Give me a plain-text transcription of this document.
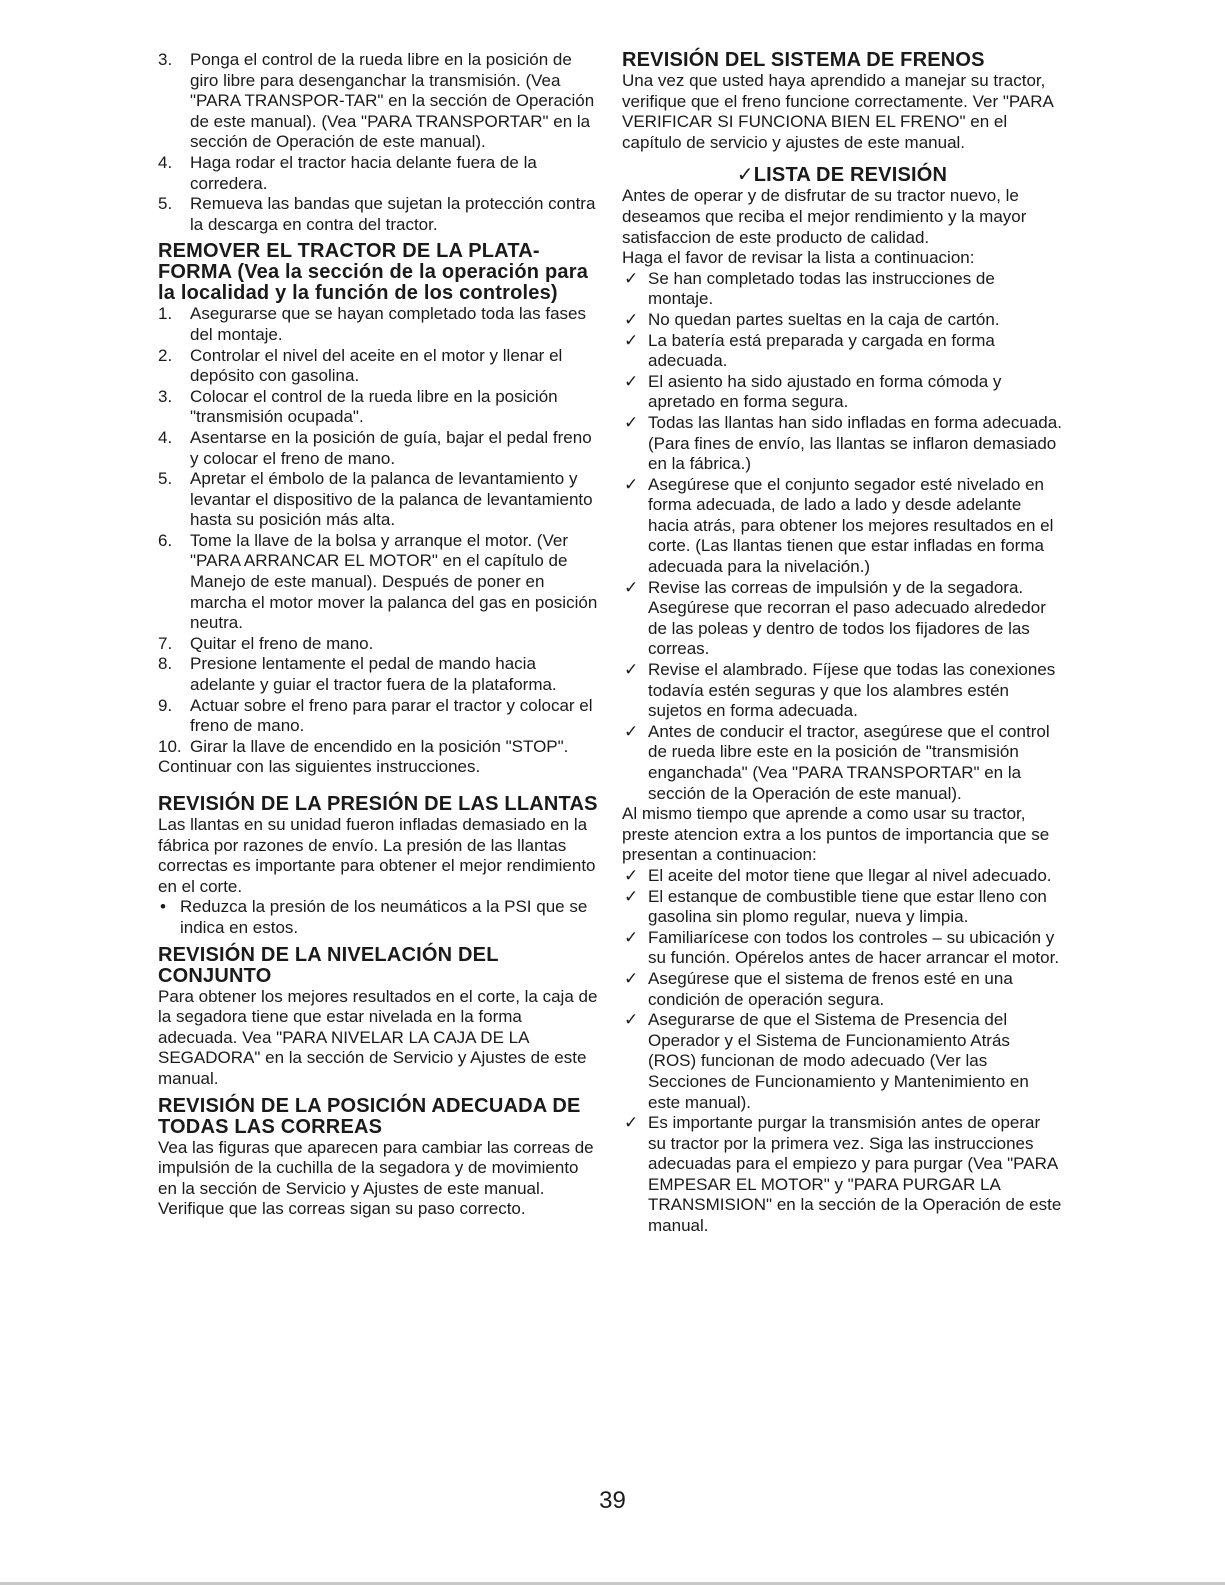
3. Ponga el control de la rueda libre en la posición de giro libre para desenganchar la transmisión. (Vea "PARA TRANSPOR-TAR" en la sección de Operación de este manual). (Vea "PARA TRANSPORTAR" en la sección de Operación de este manual).
4. Haga rodar el tractor hacia delante fuera de la corredera.
5. Remueva las bandas que sujetan la protección contra la descarga en contra del tractor.
REMOVER EL TRACTOR DE LA PLATA-FORMA (Vea la sección de la operación para la localidad y la función de los controles)
1. Asegurarse que se hayan completado toda las fases del montaje.
2. Controlar el nivel del aceite en el motor y llenar el depósito con gasolina.
3. Colocar el control de la rueda libre en la posición "transmisión ocupada".
4. Asentarse en la posición de guía, bajar el pedal freno y colocar el freno de mano.
5. Apretar el émbolo de la palanca de levantamiento y levantar el dispositivo de la palanca de levantamiento hasta su posición más alta.
6. Tome la llave de la bolsa y arranque el motor. (Ver "PARA ARRANCAR EL MOTOR" en el capítulo de Manejo de este manual). Después de poner en marcha el motor mover la palanca del gas en posición neutra.
7. Quitar el freno de mano.
8. Presione lentamente el pedal de mando hacia adelante y guiar el tractor fuera de la plataforma.
9. Actuar sobre el freno para parar el tractor y colocar el freno de mano.
10. Girar la llave de encendido en la posición "STOP".

Continuar con las siguientes instrucciones.

REVISIÓN DE LA PRESIÓN DE LAS LLANTAS

Las llantas en su unidad fueron infladas demasiado en la fábrica por razones de envío. La presión de las llantas correctas es importante para obtener el mejor rendimiento en el corte.

• Reduzca la presión de los neumáticos a la PSI que se indica en estos.
REVISIÓN DE LA NIVELACIÓN DEL CONJUNTO

Para obtener los mejores resultados en el corte, la caja de la segadora tiene que estar nivelada en la forma adecuada. Vea "PARA NIVELAR LA CAJA DE LA SEGADORA" en la sección de Servicio y Ajustes de este manual.

REVISIÓN DE LA POSICIÓN ADECUADA DE TODAS LAS CORREAS

Vea las figuras que aparecen para cambiar las correas de impulsión de la cuchilla de la segadora y de movimiento en la sección de Servicio y Ajustes de este manual. Verifique que las correas sigan su paso correcto.

REVISIÓN DEL SISTEMA DE FRENOS

Una vez que usted haya aprendido a manejar su tractor, verifique que el freno funcione correctamente. Ver "PARA VERIFICAR SI FUNCIONA BIEN EL FRENO" en el capítulo de servicio y ajustes de este manual.

✓LISTA DE REVISIÓN

Antes de operar y de disfrutar de su tractor nuevo, le deseamos que reciba el mejor rendimiento y la mayor satisfaccion de este producto de calidad.

Haga el favor de revisar la lista a continuacion:

✓ Se han completado todas las instrucciones de montaje.
✓ No quedan partes sueltas en la caja de cartón.
✓ La batería está preparada y cargada en forma adecuada.
✓ El asiento ha sido ajustado en forma cómoda y apretado en forma segura.
✓ Todas las llantas han sido infladas en forma adecuada. (Para fines de envío, las llantas se inflaron demasiado en la fábrica.)
✓ Asegúrese que el conjunto segador esté nivelado en forma adecuada, de lado a lado y desde adelante hacia atrás, para obtener los mejores resultados en el corte. (Las llantas tienen que estar infladas en forma adecuada para la nivelación.)
✓ Revise las correas de impulsión y de la segadora. Asegúrese que recorran el paso adecuado alrededor de las poleas y dentro de todos los fijadores de las correas.
✓ Revise el alambrado. Fíjese que todas las conexiones todavía estén seguras y que los alambres estén sujetos en forma adecuada.
✓ Antes de conducir el tractor, asegúrese que el control de rueda libre este en la posición de "transmisión enganchada" (Vea "PARA TRANSPORTAR" en la sección de la Operación de este manual).

Al mismo tiempo que aprende a como usar su tractor, preste atencion extra a los puntos de importancia que se presentan a continuacion:

✓ El aceite del motor tiene que llegar al nivel adecuado.
✓ El estanque de combustible tiene que estar lleno con gasolina sin plomo regular, nueva y limpia.
✓ Familiarícese con todos los controles – su ubicación y su función. Opérelos antes de hacer arrancar el motor.
✓ Asegúrese que el sistema de frenos esté en una condición de operación segura.
✓ Asegurarse de que el Sistema de Presencia del Operador y el Sistema de Funcionamiento Atrás (ROS) funcionan de modo adecuado (Ver las Secciones de Funcionamiento y Mantenimiento en este manual).
✓ Es importante purgar la transmisión antes de operar su tractor por la primera vez. Siga las instrucciones adecuadas para el empiezo y para purgar (Vea "PARA EMPESAR EL MOTOR" y "PARA PURGAR LA TRANSMISION" en la sección de la Operación de este manual.
39
